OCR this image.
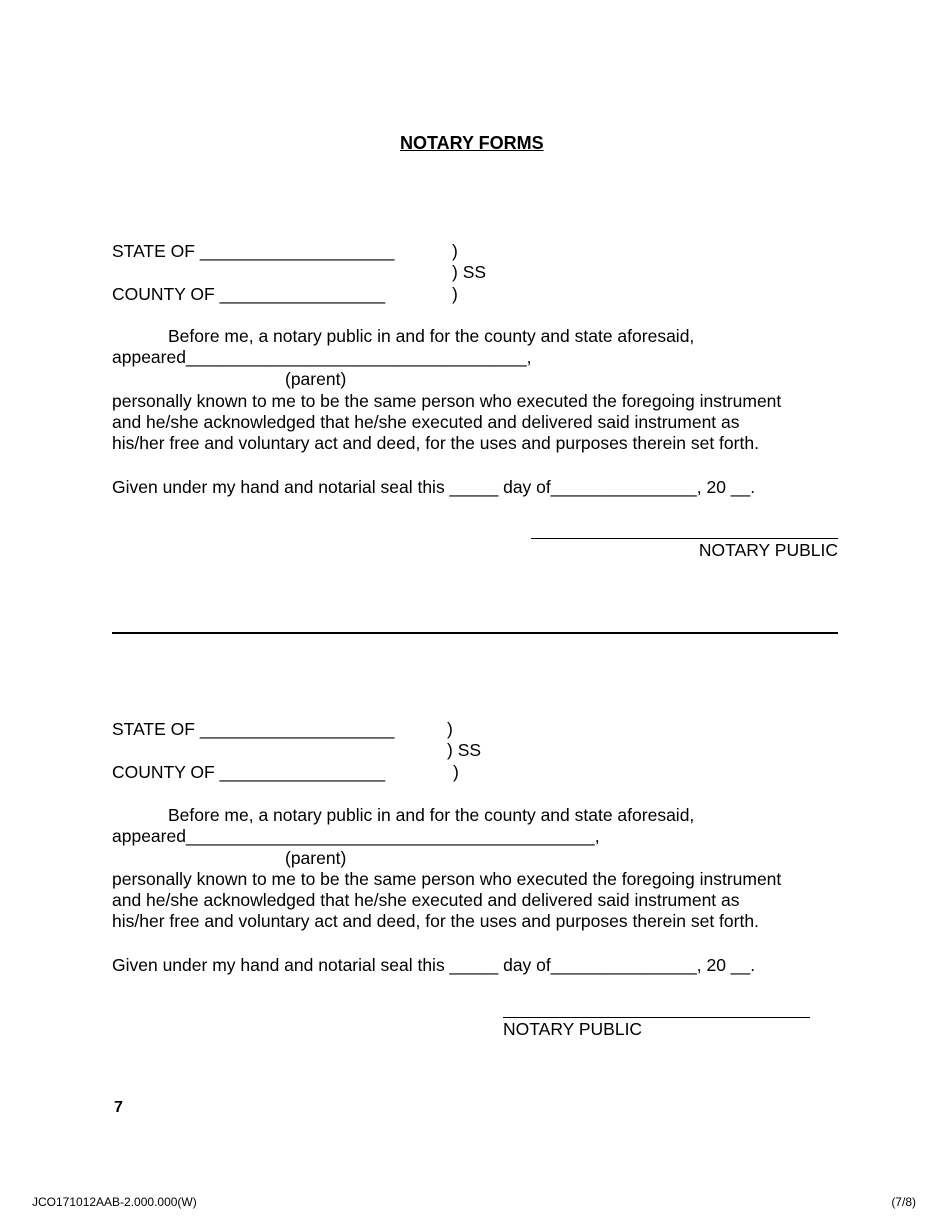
NOTARY FORMS
STATE OF ____________________	)
) SS
COUNTY OF _________________	)
Before me, a notary public in and for the county and state aforesaid,
appeared___________________________________,
(parent)
personally known to me to be the same person who executed the foregoing instrument
and he/she acknowledged that he/she executed and delivered said instrument as
his/her free and voluntary act and deed, for the uses and purposes therein set forth.
Given under my hand and notarial seal this _____ day of_______________, 20 __.
NOTARY PUBLIC
STATE OF ____________________	)
) SS
COUNTY OF _________________	)
Before me, a notary public in and for the county and state aforesaid,
appeared__________________________________________,
(parent)
personally known to me to be the same person who executed the foregoing instrument
and he/she acknowledged that he/she executed and delivered said instrument as
his/her free and voluntary act and deed, for the uses and purposes therein set forth.
Given under my hand and notarial seal this _____ day of_______________, 20 __.
NOTARY PUBLIC
7
JCO171012AAB-2.000.000(W)	(7/8)
